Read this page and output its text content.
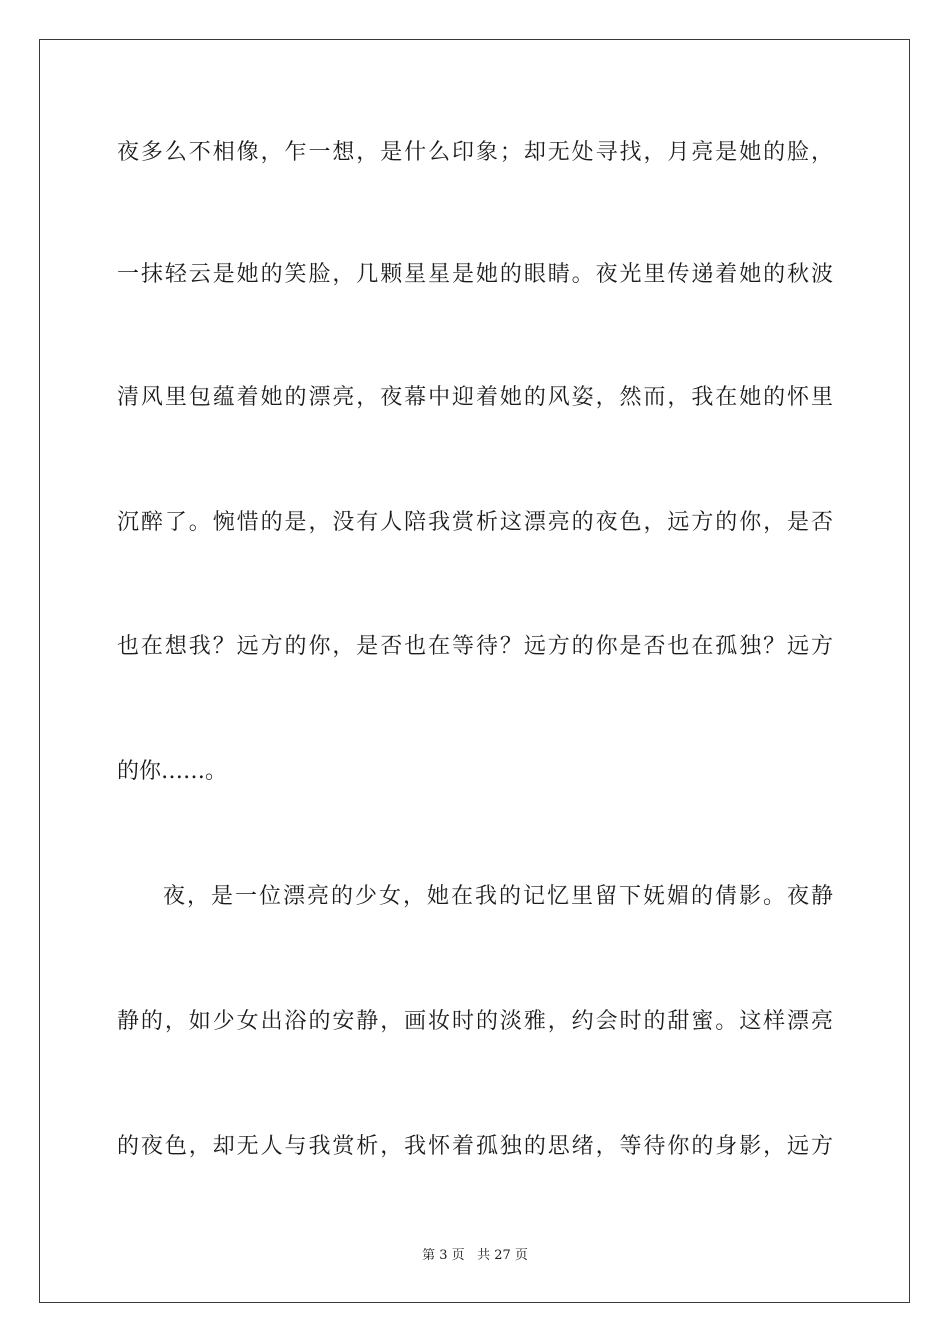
夜多么不相像，乍一想，是什么印象；却无处寻找，月亮是她的脸，
一抹轻云是她的笑脸，几颗星星是她的眼睛。夜光里传递着她的秋波
清风里包蕴着她的漂亮，夜幕中迎着她的风姿，然而，我在她的怀里
沉醉了。惋惜的是，没有人陪我赏析这漂亮的夜色，远方的你，是否
也在想我？远方的你，是否也在等待？远方的你是否也在孤独？远方
的你……。
夜，是一位漂亮的少女，她在我的记忆里留下妩媚的倩影。夜静
静的，如少女出浴的安静，画妆时的淡雅，约会时的甜蜜。这样漂亮
的夜色，却无人与我赏析，我怀着孤独的思绪，等待你的身影，远方
第 3 页 共 27 页
